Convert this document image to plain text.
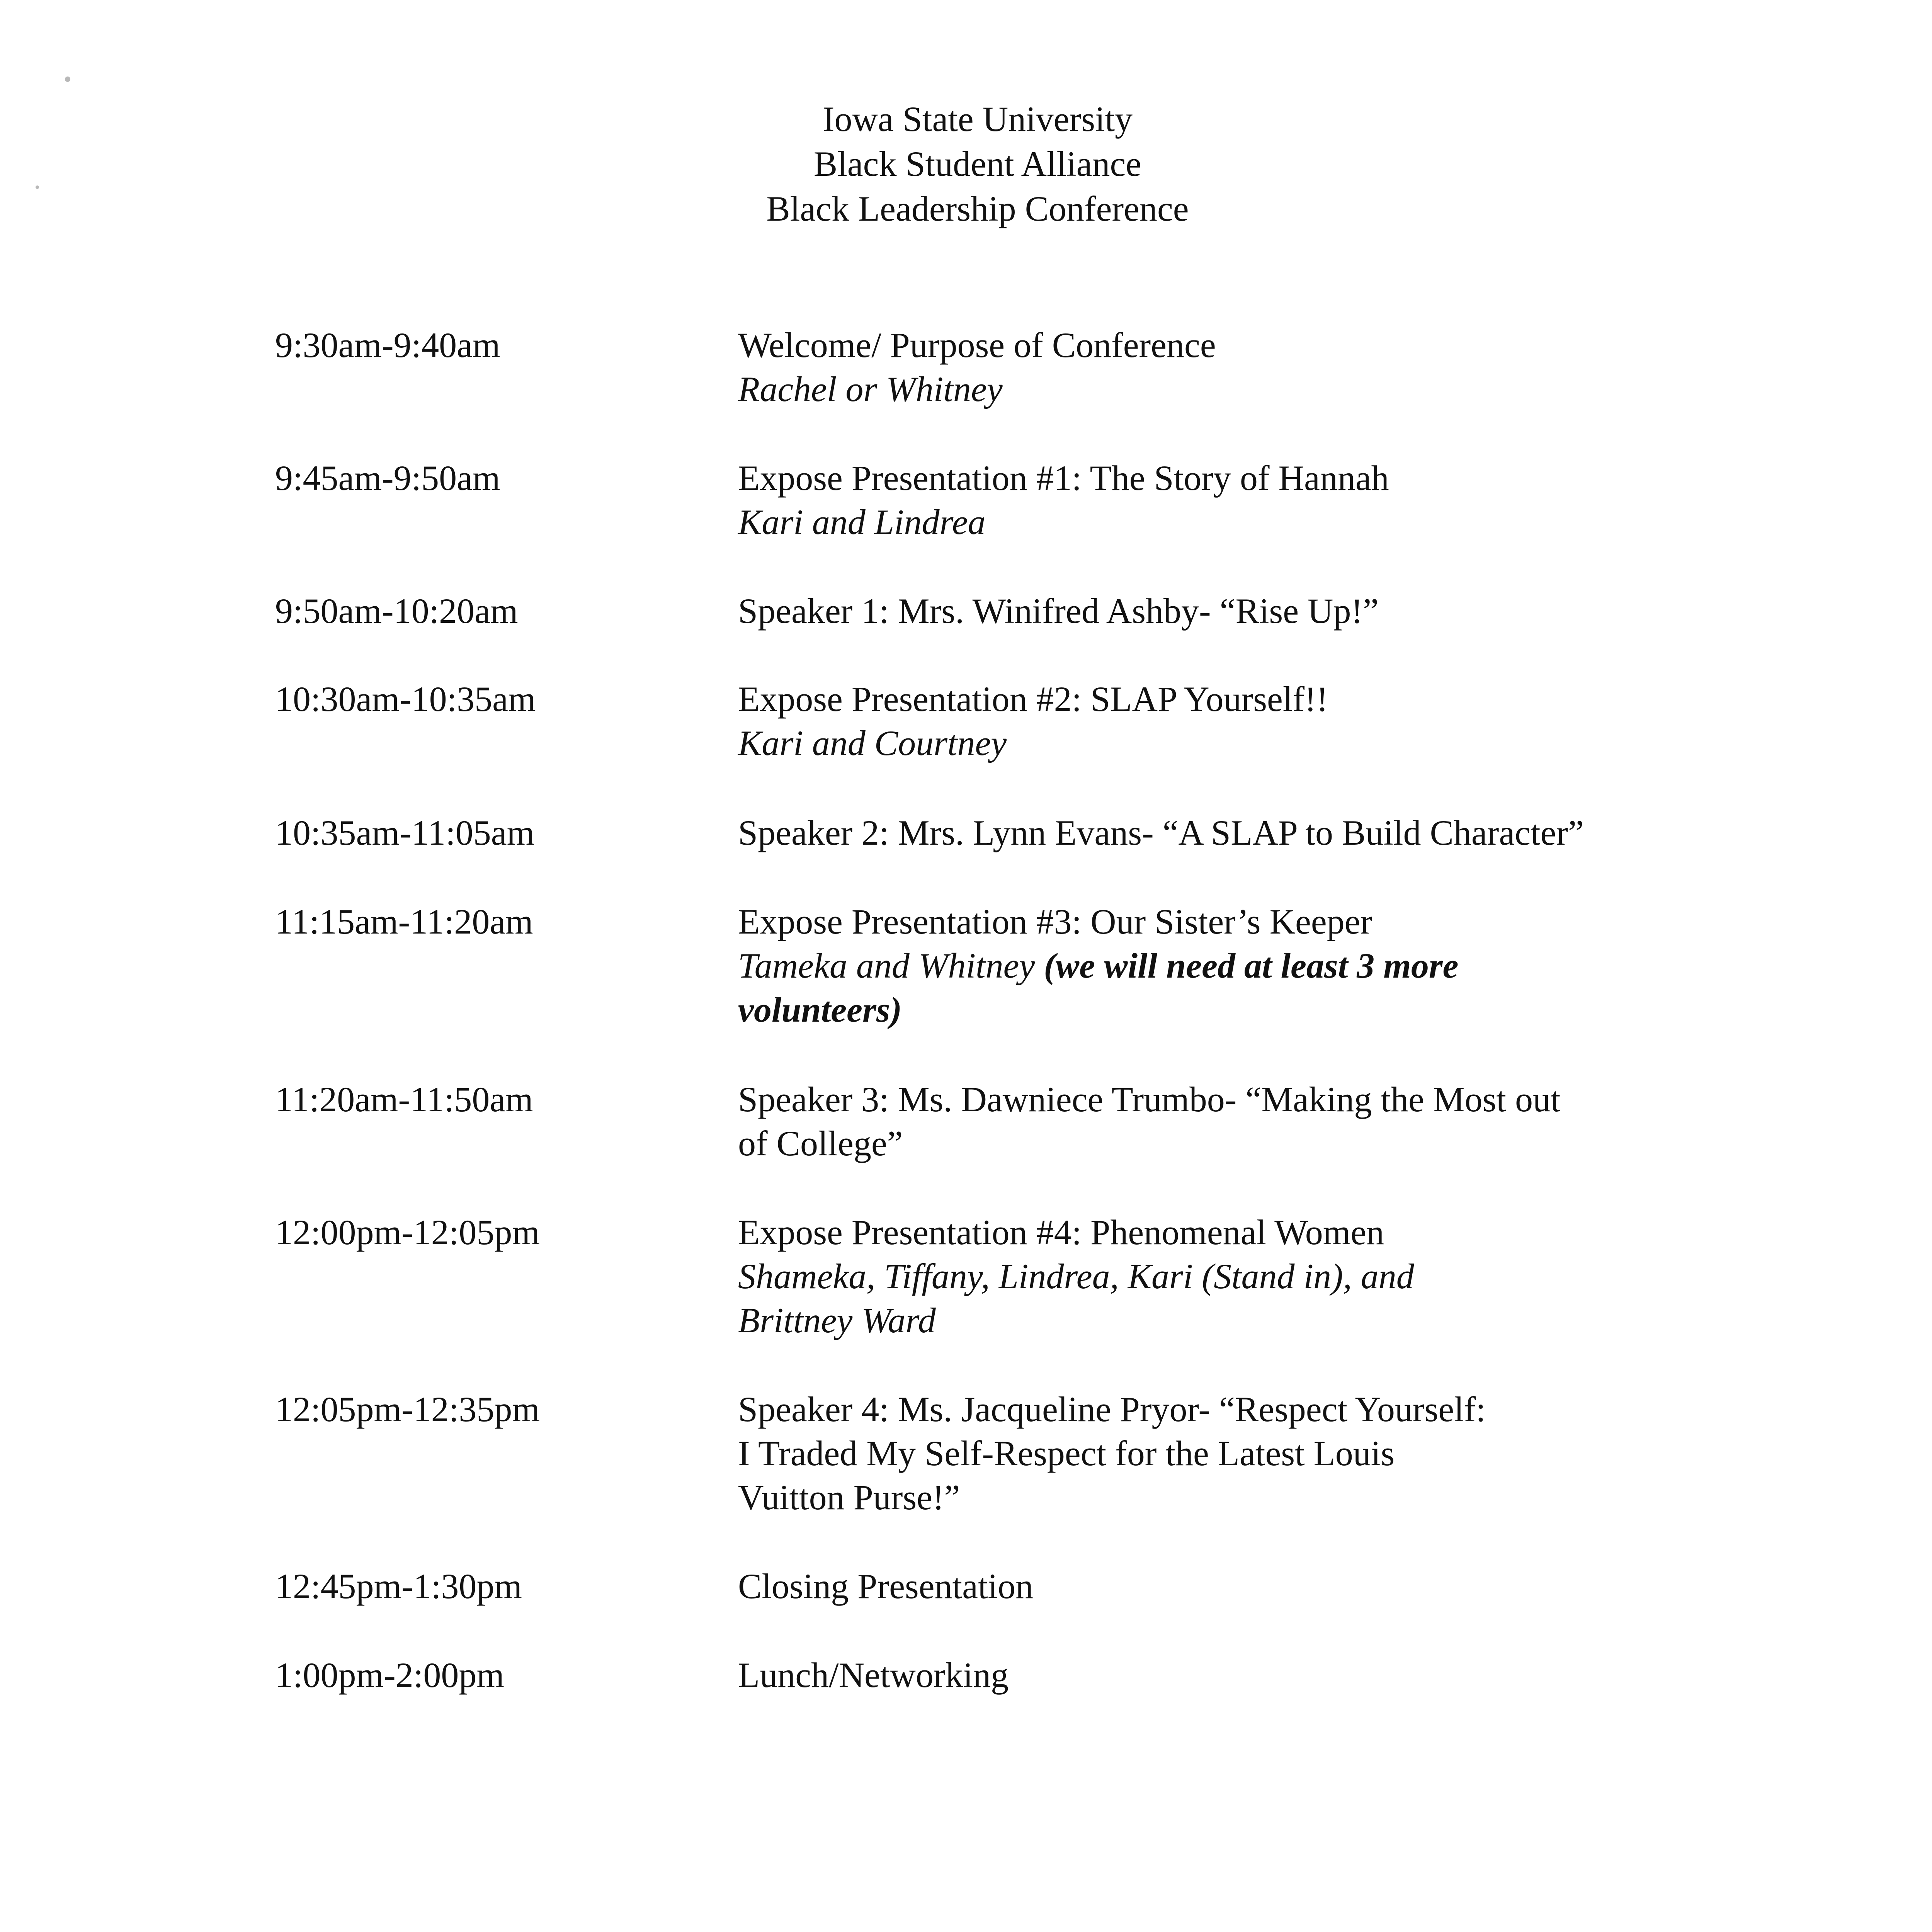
Iowa State University
Black Student Alliance
Black Leadership Conference
9:30am-9:40am	Welcome/ Purpose of Conference
Rachel or Whitney
9:45am-9:50am	Expose Presentation #1: The Story of Hannah
Kari and Lindrea
9:50am-10:20am	Speaker 1: Mrs. Winifred Ashby- “Rise Up!”
10:30am-10:35am	Expose Presentation #2: SLAP Yourself!!
Kari and Courtney
10:35am-11:05am	Speaker 2: Mrs. Lynn Evans- “A SLAP to Build Character”
11:15am-11:20am	Expose Presentation #3: Our Sister’s Keeper
Tameka and Whitney (we will need at least 3 more
volunteers)
11:20am-11:50am	Speaker 3: Ms. Dawniece Trumbo- “Making the Most out
of College”
12:00pm-12:05pm	Expose Presentation #4: Phenomenal Women
Shameka, Tiffany, Lindrea, Kari (Stand in), and
Brittney Ward
12:05pm-12:35pm	Speaker 4: Ms. Jacqueline Pryor- “Respect Yourself:
I Traded My Self-Respect for the Latest Louis
Vuitton Purse!”
12:45pm-1:30pm	Closing Presentation
1:00pm-2:00pm	Lunch/Networking
